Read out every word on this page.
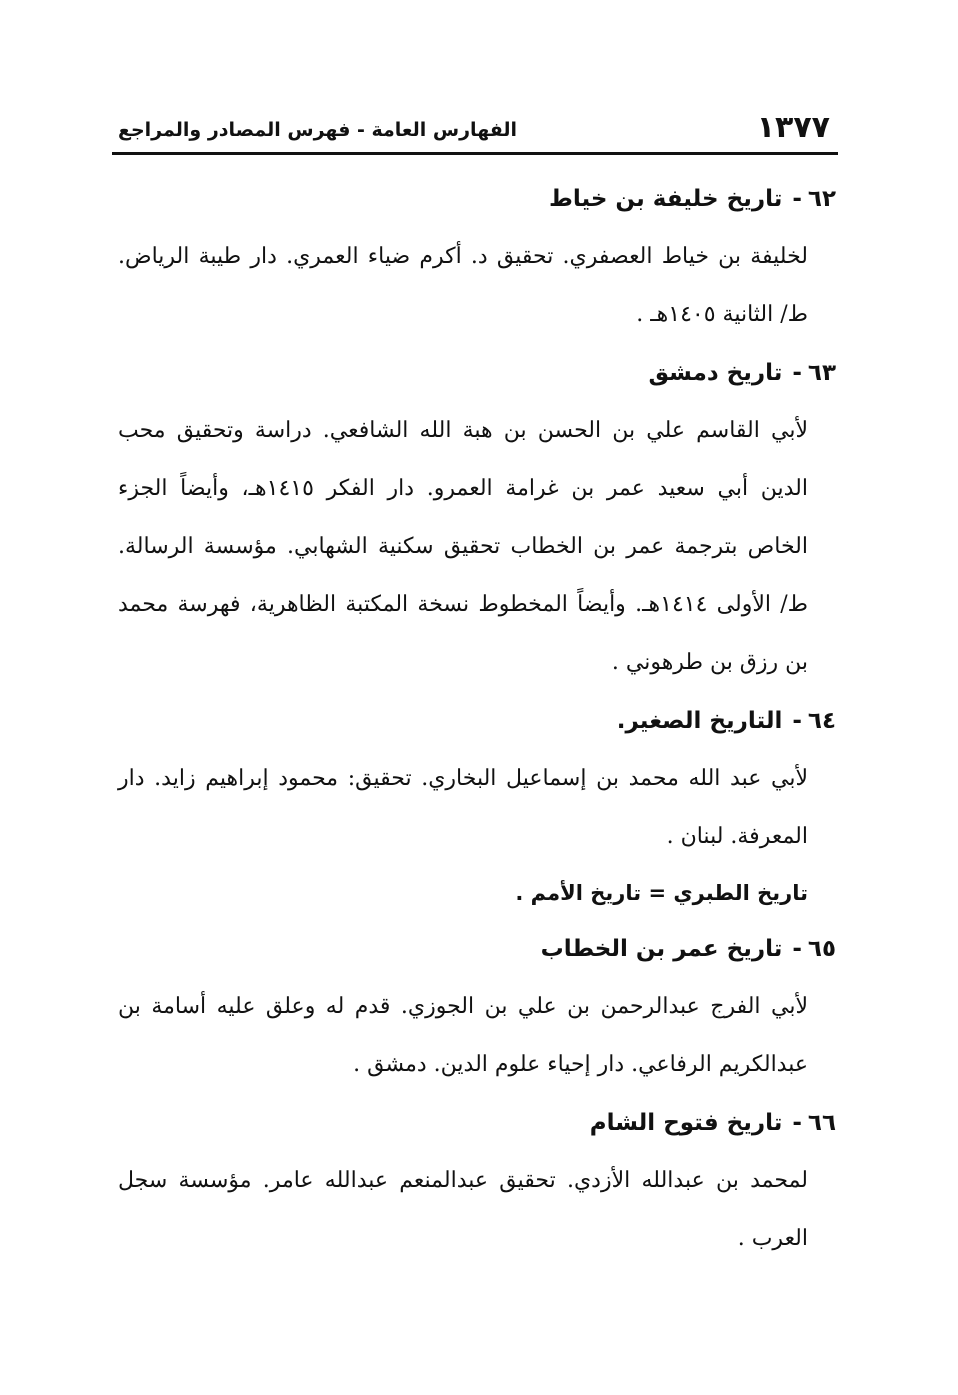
١٣٧٧
الفهارس العامة - فهرس المصادر والمراجع

٦٢-تاريخ خليفة بن خياط

لخليفة بن خياط العصفري. تحقيق د. أكرم ضياء العمري. دار طيبة الرياض. ط/ الثانية ١٤٠٥هـ .

٦٣-تاريخ دمشق

لأبي القاسم علي بن الحسن بن هبة الله الشافعي. دراسة وتحقيق محب الدين أبي سعيد عمر بن غرامة العمرو. دار الفكر ١٤١٥هـ، وأيضاً الجزء الخاص بترجمة عمر بن الخطاب تحقيق سكنية الشهابي. مؤسسة الرسالة. ط/ الأولى ١٤١٤هـ. وأيضاً المخطوط نسخة المكتبة الظاهرية، فهرسة محمد بن رزق بن طرهوني .

٦٤-التاريخ الصغير.

لأبي عبد الله محمد بن إسماعيل البخاري. تحقيق: محمود إبراهيم زايد. دار المعرفة. لبنان .

تاريخ الطبري = تاريخ الأمم .

٦٥-تاريخ عمر بن الخطاب

لأبي الفرج عبدالرحمن بن علي بن الجوزي. قدم له وعلق عليه أسامة بن عبدالكريم الرفاعي. دار إحياء علوم الدين. دمشق .

٦٦-تاريخ فتوح الشام

لمحمد بن عبدالله الأزدي. تحقيق عبدالمنعم عبدالله عامر. مؤسسة سجل العرب .
